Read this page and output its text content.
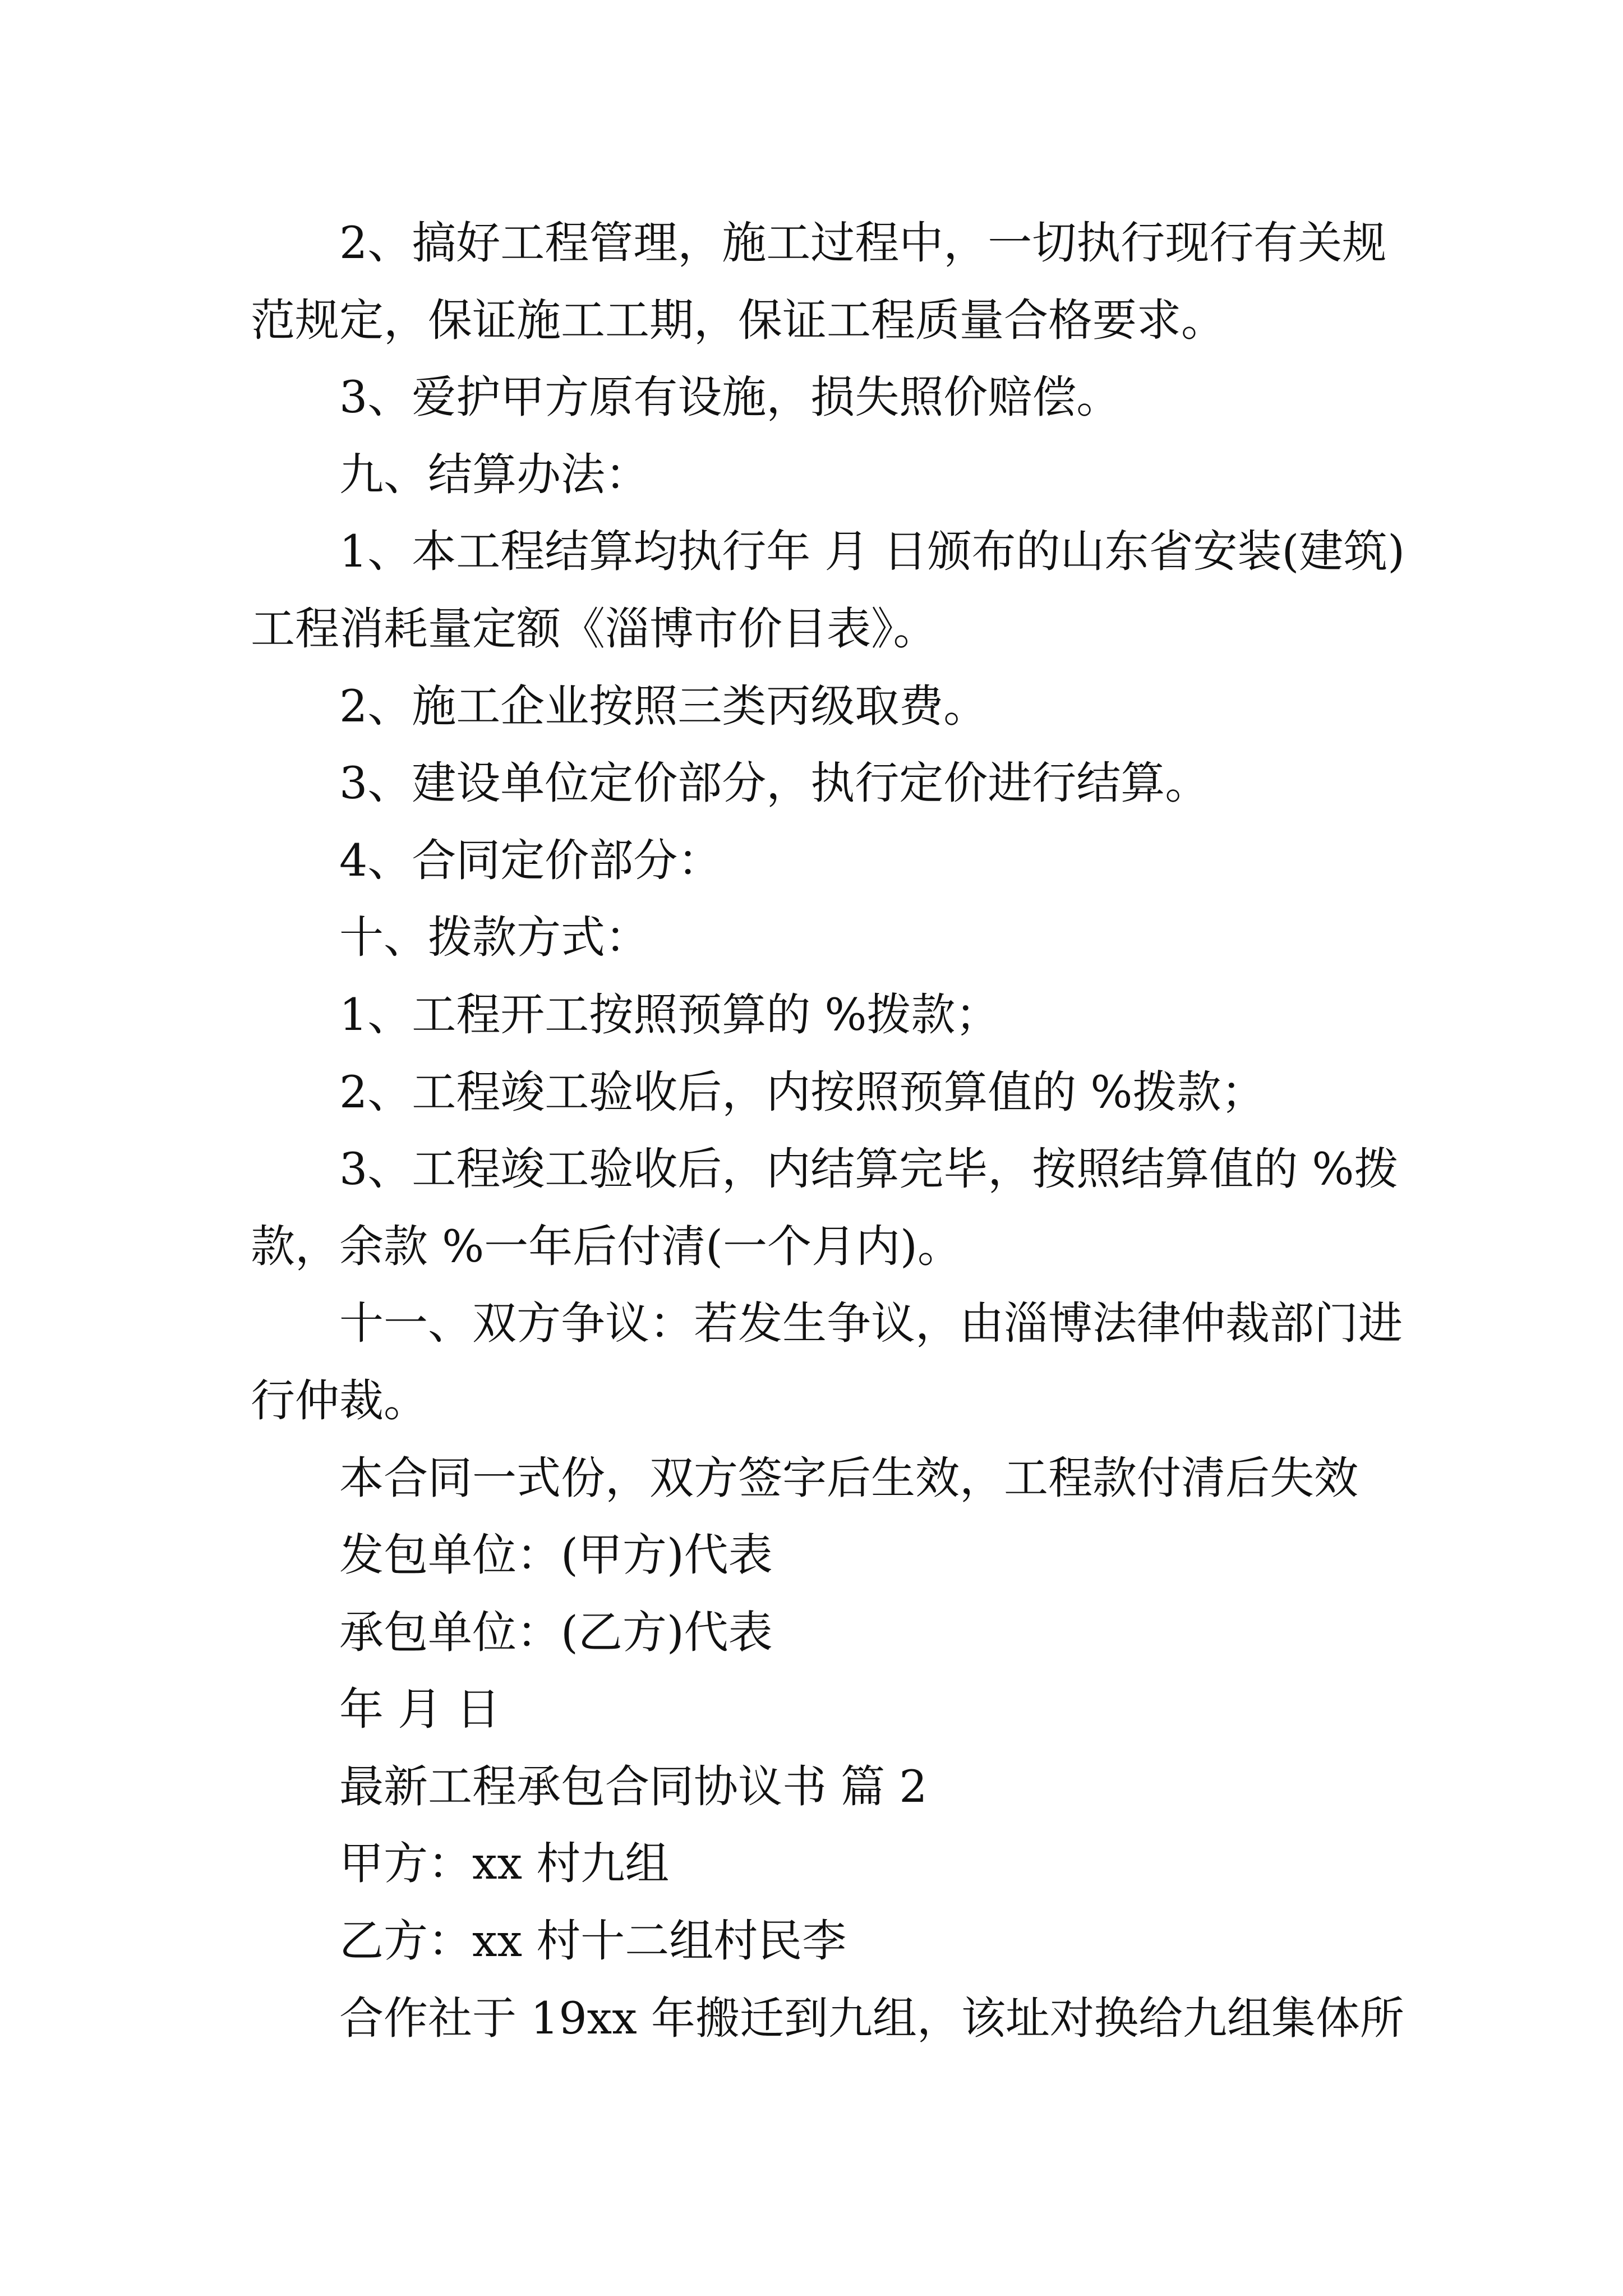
2、搞好工程管理，施工过程中，一切执行现行有关规
范规定，保证施工工期，保证工程质量合格要求。
3、爱护甲方原有设施，损失照价赔偿。
九、结算办法：
1、本工程结算均执行年 月 日颁布的山东省安装(建筑)
工程消耗量定额《淄博市价目表》。
2、施工企业按照三类丙级取费。
3、建设单位定价部分，执行定价进行结算。
4、合同定价部分：
十、拨款方式：
1、工程开工按照预算的 %拨款；
2、工程竣工验收后，内按照预算值的 %拨款；
3、工程竣工验收后，内结算完毕，按照结算值的 %拨
款，余款 %一年后付清(一个月内)。
十一、双方争议：若发生争议，由淄博法律仲裁部门进
行仲裁。
本合同一式份，双方签字后生效，工程款付清后失效
发包单位：(甲方)代表
承包单位：(乙方)代表
年 月 日
最新工程承包合同协议书 篇 2
甲方：xx 村九组
乙方：xx 村十二组村民李
合作社于 19xx 年搬迁到九组，该址对换给九组集体所
